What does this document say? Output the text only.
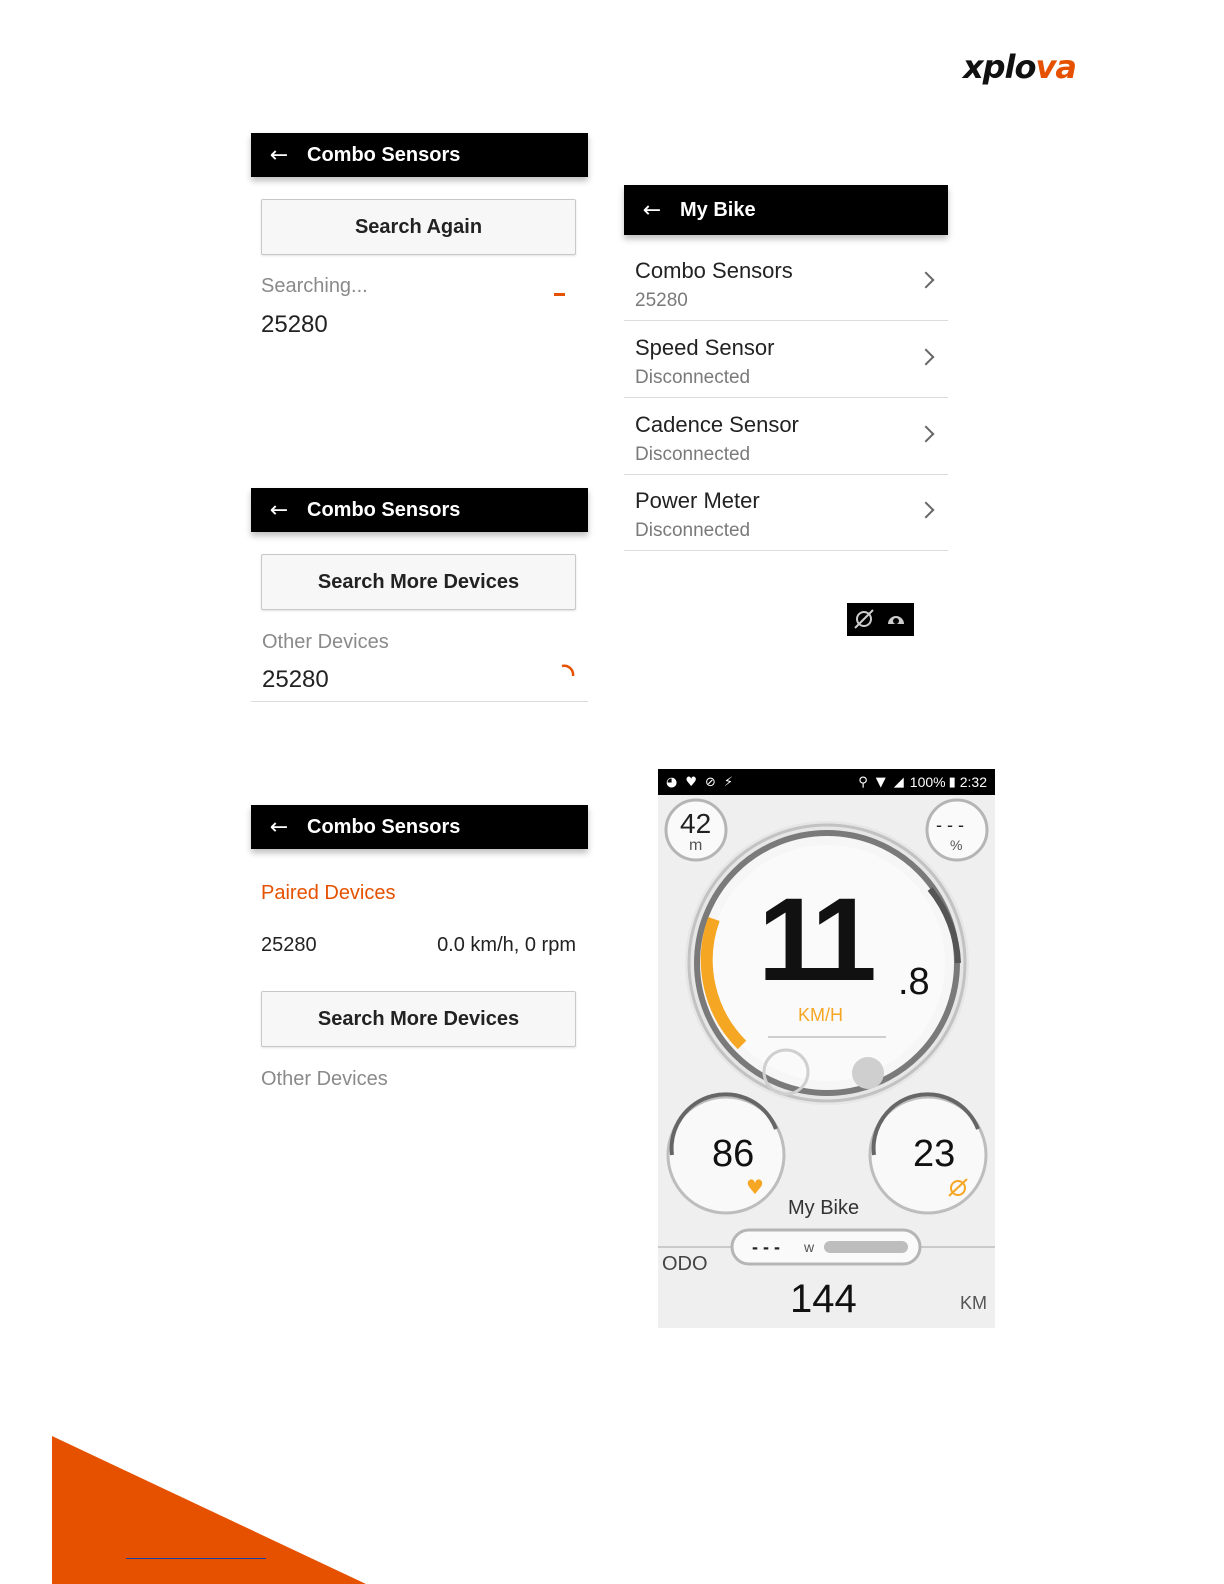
xplova
← Combo Sensors
Search Again
Searching...
25280
← Combo Sensors
Search More Devices
Other Devices
25280
← Combo Sensors
Paired Devices
25280	0.0 km/h, 0 rpm
Search More Devices
Other Devices
← My Bike
Combo Sensors
25280
Speed Sensor
Disconnected
Cadence Sensor
Disconnected
Power Meter
Disconnected
◕ ♥ ⊘ ⚡	⚲ ▼ ◢ 100% ▮ 2:32
42
m
- - -
%
11 .8
KM/H
86
♥
23
My Bike
- - - w
ODO
144	KM
